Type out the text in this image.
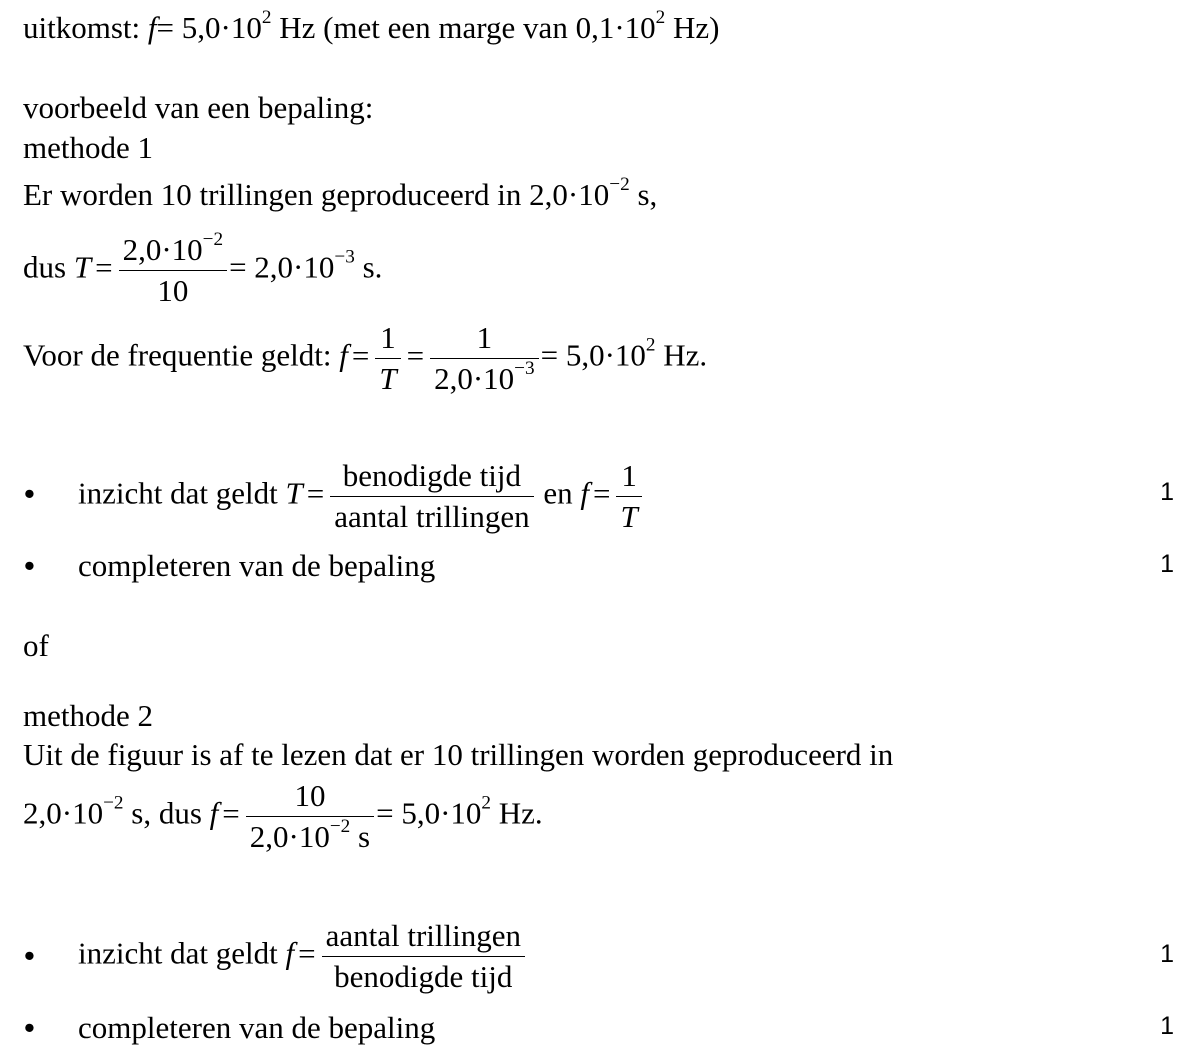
uitkomst: $f= 5,0\cdot 10^2$ Hz (met een marge van $0,1\cdot 10^2$ Hz)
voorbeeld van een bepaling:
methode 1
Er worden 10 trillingen geproduceerd in $2,0\cdot 10^{-2}$ s,
dus $T = \frac{2,0\cdot 10^{-2}}{10} = 2,0\cdot 10^{-3}$ s.
Voor de frequentie geldt: $f = \frac{1}{T} = \frac{1}{2,0\cdot 10^{-3}} = 5,0\cdot 10^2$ Hz.
• inzicht dat geldt $T = \frac{\text{benodigde tijd}}{\text{aantal trillingen}}$ en $f = \frac{1}{T}$	1
• completeren van de bepaling	1
of
methode 2
Uit de figuur is af te lezen dat er 10 trillingen worden geproduceerd in
$2,0\cdot 10^{-2}$ s, dus $f = \frac{10}{2,0\cdot 10^{-2} s} = 5,0\cdot 10^2$ Hz.
• inzicht dat geldt $f = \frac{\text{aantal trillingen}}{\text{benodigde tijd}}$	1
• completeren van de bepaling	1
